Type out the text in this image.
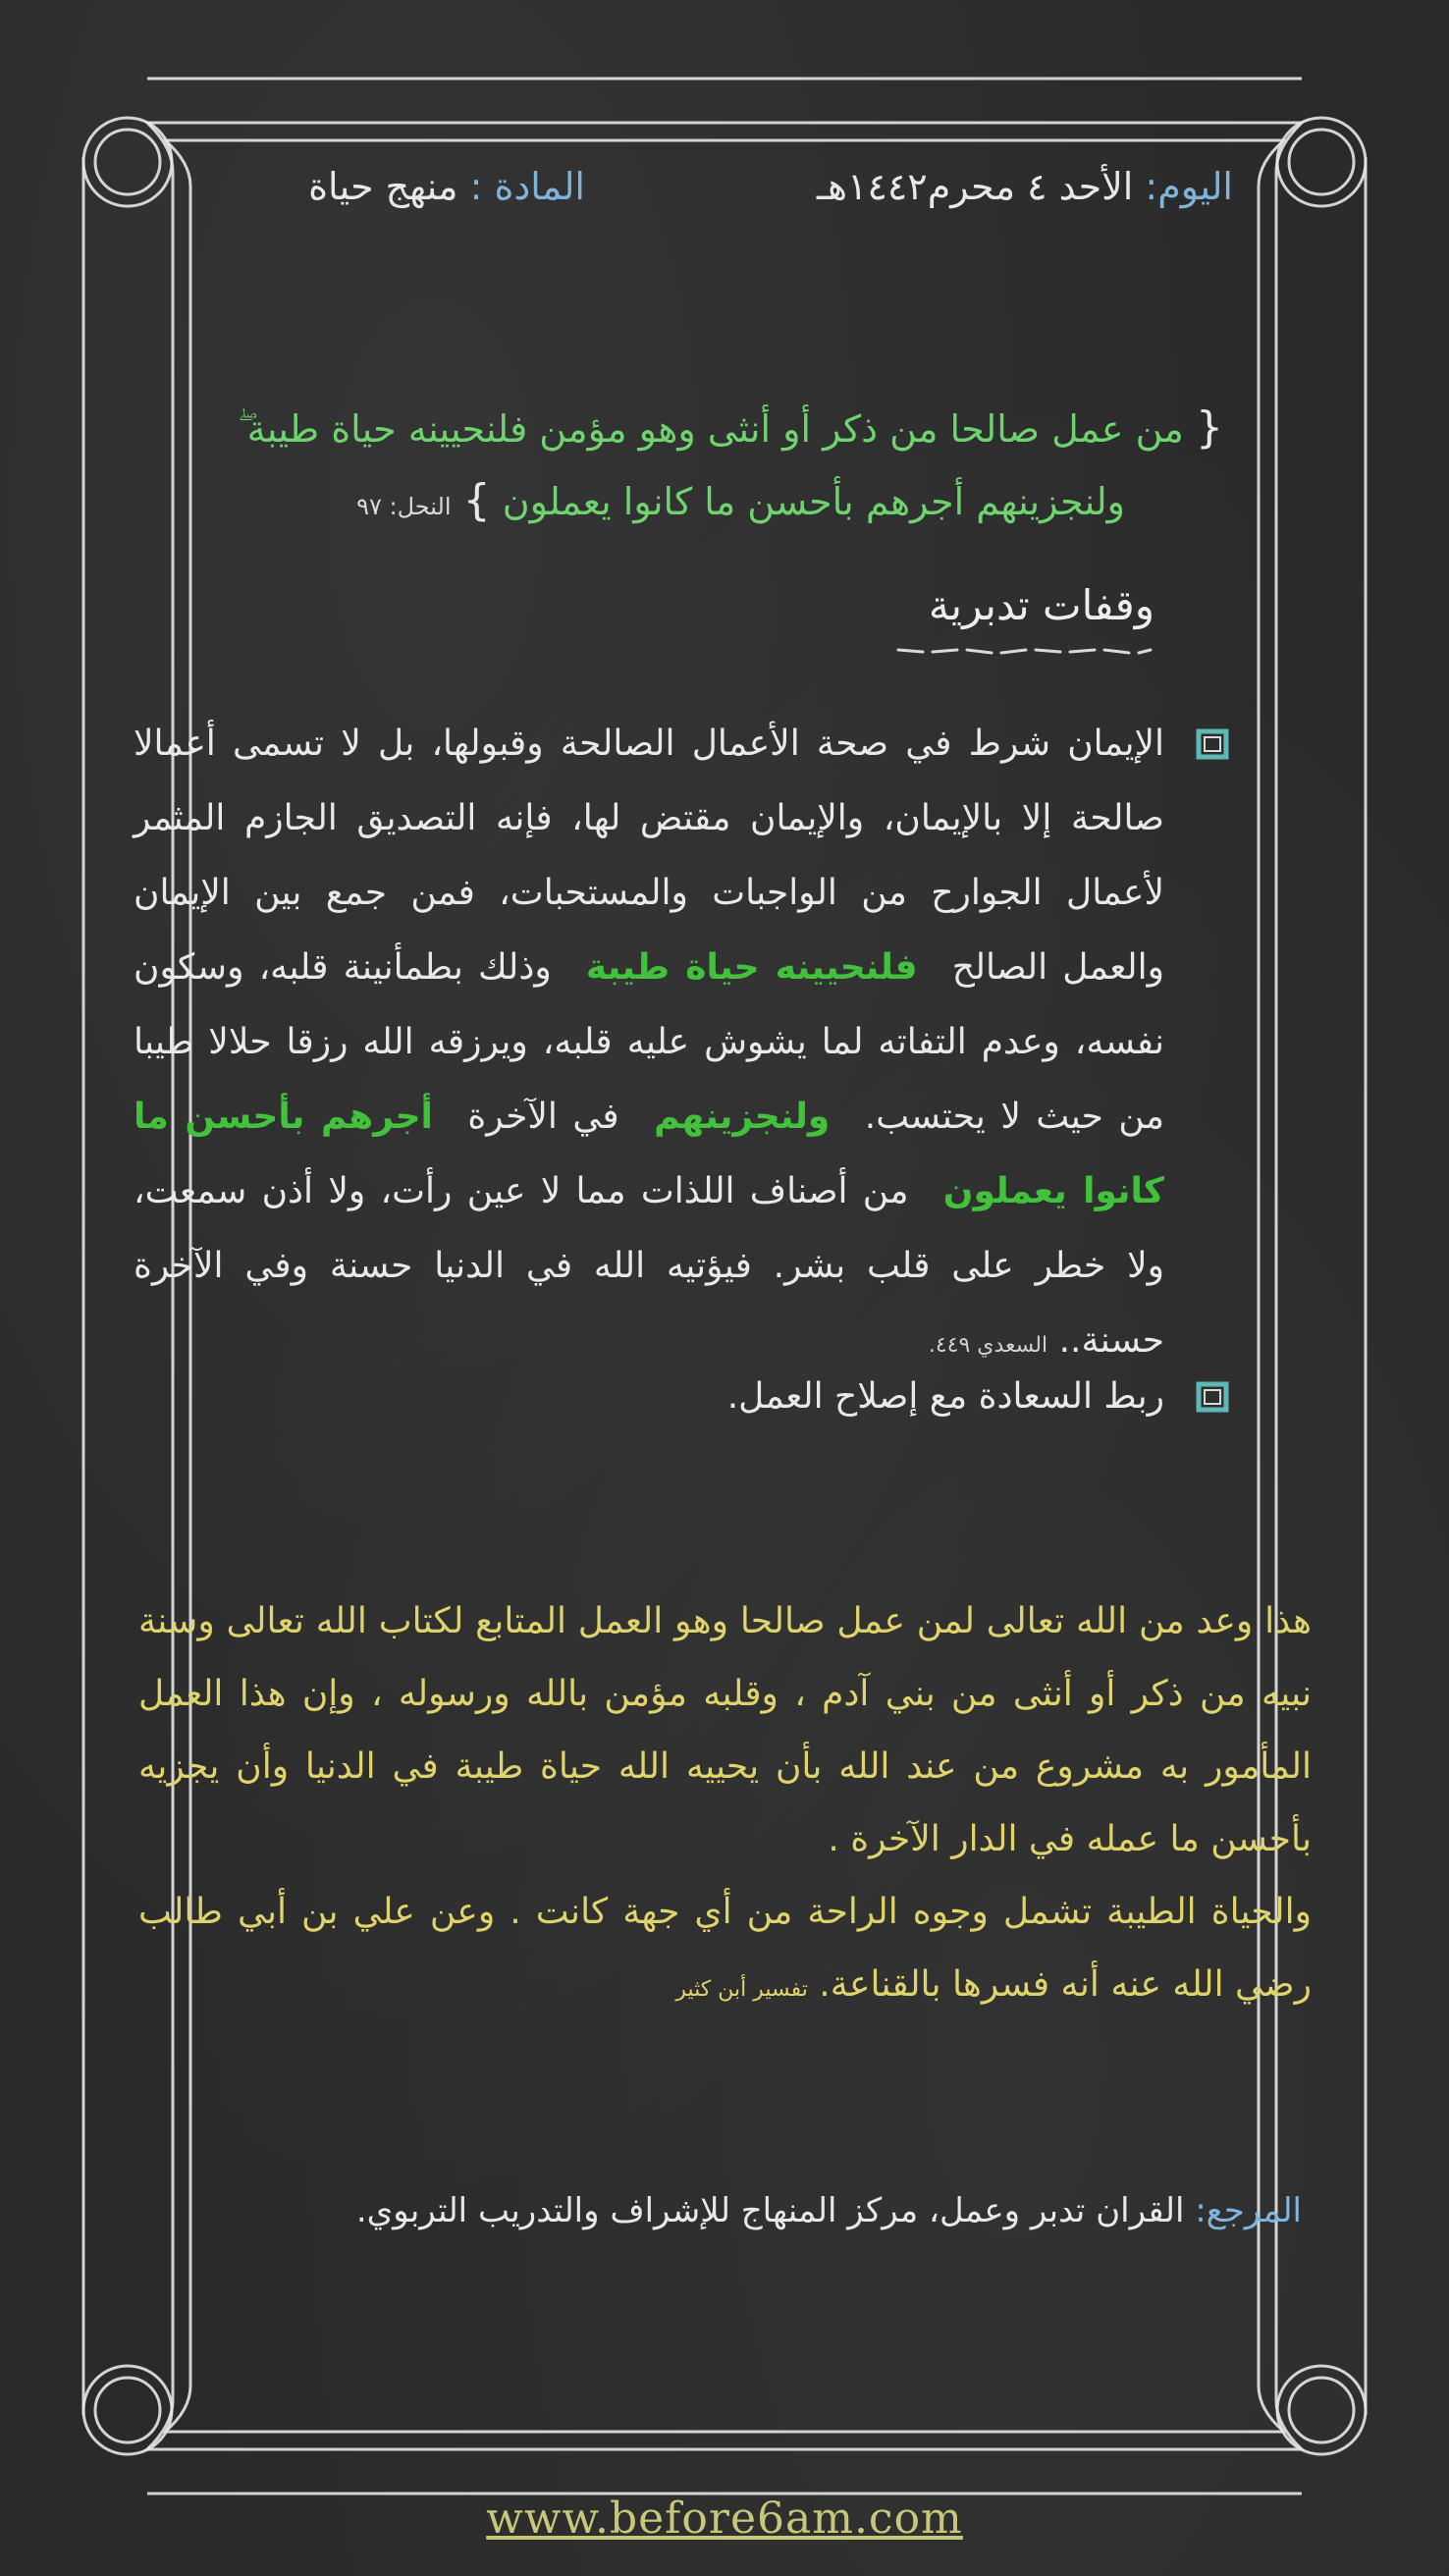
اليوم: الأحد ٤ محرم١٤٤٢هـ
المادة : منهج حياة
{ من عمل صالحا من ذكر أو أنثى وهو مؤمن فلنحيينه حياة طيبة ۖ
ولنجزينهم أجرهم بأحسن ما كانوا يعملون } النحل: ٩٧
وقفات تدبرية
الإيمان شرط في صحة الأعمال الصالحة وقبولها، بل لا تسمى أعمالا صالحة إلا بالإيمان، والإيمان مقتض لها، فإنه التصديق الجازم المثمر لأعمال الجوارح من الواجبات والمستحبات، فمن جمع بين الإيمان والعمل الصالح فلنحيينه حياة طيبة وذلك بطمأنينة قلبه، وسكون نفسه، وعدم التفاته لما يشوش عليه قلبه، ويرزقه الله رزقا حلالا طيبا من حيث لا يحتسب. ولنجزينهم في الآخرة أجرهم بأحسن ما كانوا يعملون من أصناف اللذات مما لا عين رأت، ولا أذن سمعت، ولا خطر على قلب بشر. فيؤتيه الله في الدنيا حسنة وفي الآخرة حسنة.. السعدي ٤٤٩.
ربط السعادة مع إصلاح العمل.
هذا وعد من الله تعالى لمن عمل صالحا وهو العمل المتابع لكتاب الله تعالى وسنة نبيه من ذكر أو أنثى من بني آدم ، وقلبه مؤمن بالله ورسوله ، وإن هذا العمل المأمور به مشروع من عند الله بأن يحييه الله حياة طيبة في الدنيا وأن يجزيه بأحسن ما عمله في الدار الآخرة .
والحياة الطيبة تشمل وجوه الراحة من أي جهة كانت . وعن علي بن أبي طالب رضي الله عنه أنه فسرها بالقناعة. تفسير أبن كثير
المرجع: القران تدبر وعمل، مركز المنهاج للإشراف والتدريب التربوي.
www.before6am.com
